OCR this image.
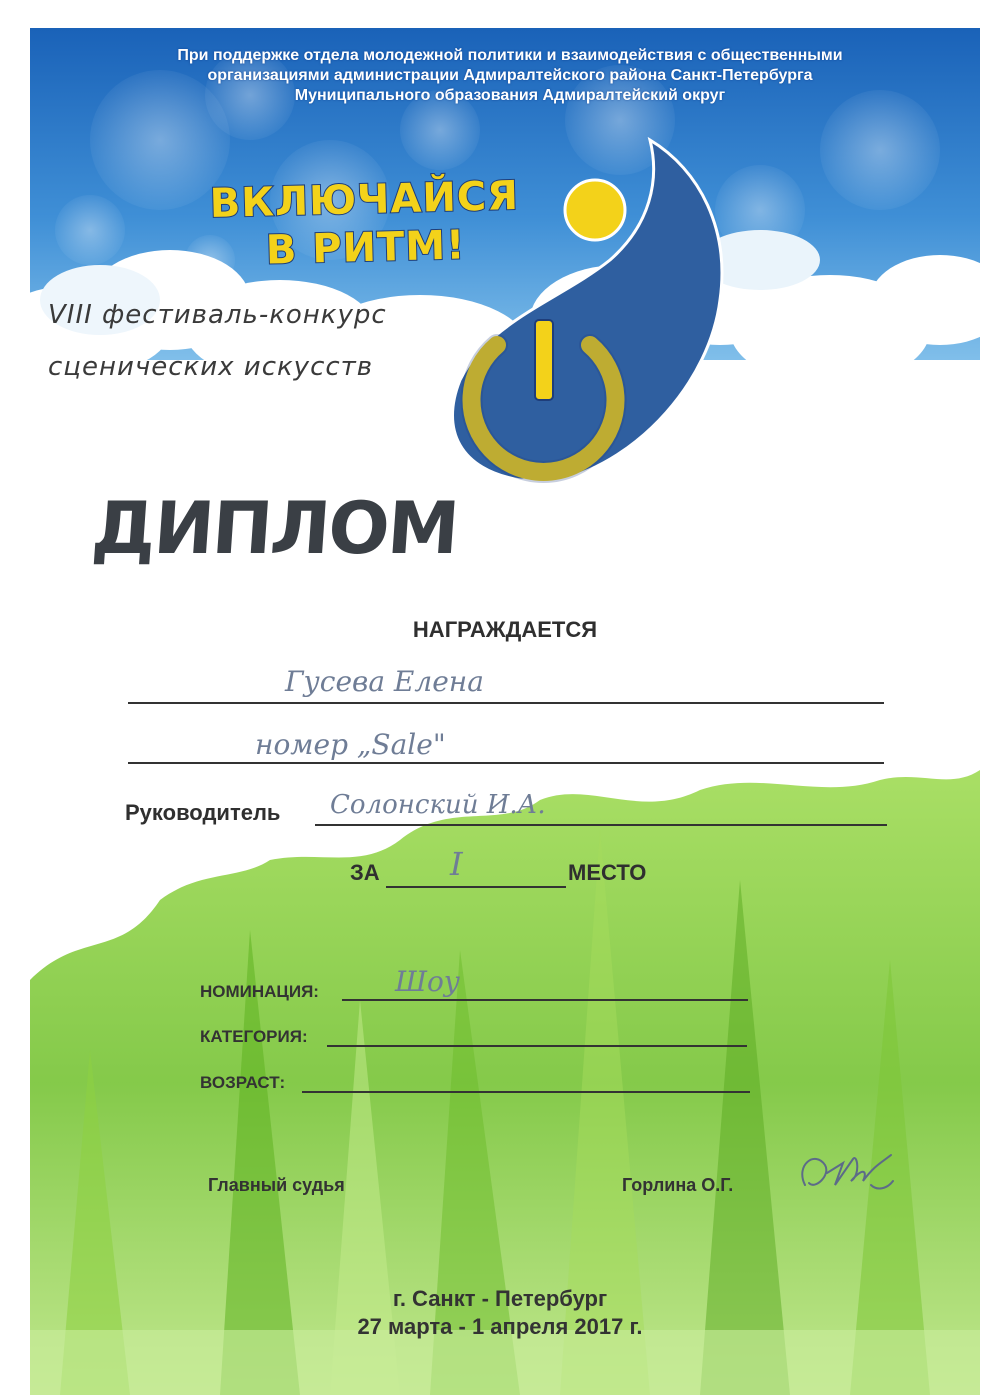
При поддержке отдела молодежной политики и взаимодействия с общественными
организациями администрации Адмиралтейского района Санкт-Петербурга
Муниципального образования Адмиралтейский округ
ВКЛЮЧАЙСЯ
В РИТМ!
VIII фестиваль-конкурс
сценических искусств
ДИПЛОМ
НАГРАЖДАЕТСЯ
Гусева Елена
номер „Sale"
Руководитель Солонский И.А.
ЗА I	МЕСТО
НОМИНАЦИЯ:	Шоу
КАТЕГОРИЯ:
ВОЗРАСТ:
Главный судья	Горлина О.Г.
г. Санкт - Петербург
27 марта - 1 апреля 2017 г.
